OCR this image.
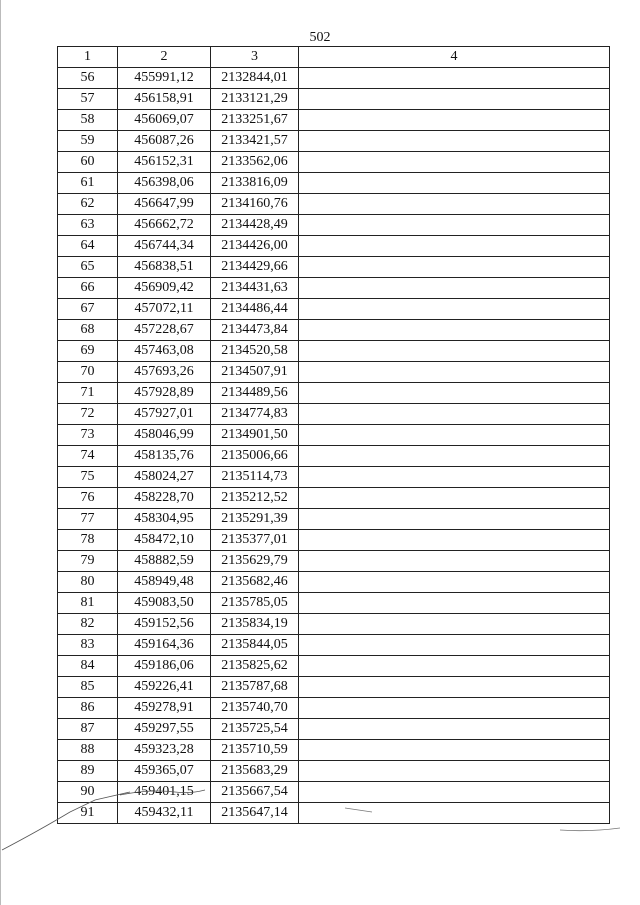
502
1	2	3	4
56	455991,12	2132844,01	
57	456158,91	2133121,29	
58	456069,07	2133251,67	
59	456087,26	2133421,57	
60	456152,31	2133562,06	
61	456398,06	2133816,09	
62	456647,99	2134160,76	
63	456662,72	2134428,49	
64	456744,34	2134426,00	
65	456838,51	2134429,66	
66	456909,42	2134431,63	
67	457072,11	2134486,44	
68	457228,67	2134473,84	
69	457463,08	2134520,58	
70	457693,26	2134507,91	
71	457928,89	2134489,56	
72	457927,01	2134774,83	
73	458046,99	2134901,50	
74	458135,76	2135006,66	
75	458024,27	2135114,73	
76	458228,70	2135212,52	
77	458304,95	2135291,39	
78	458472,10	2135377,01	
79	458882,59	2135629,79	
80	458949,48	2135682,46	
81	459083,50	2135785,05	
82	459152,56	2135834,19	
83	459164,36	2135844,05	
84	459186,06	2135825,62	
85	459226,41	2135787,68	
86	459278,91	2135740,70	
87	459297,55	2135725,54	
88	459323,28	2135710,59	
89	459365,07	2135683,29	
90	459401,15	2135667,54	
91	459432,11	2135647,14	
